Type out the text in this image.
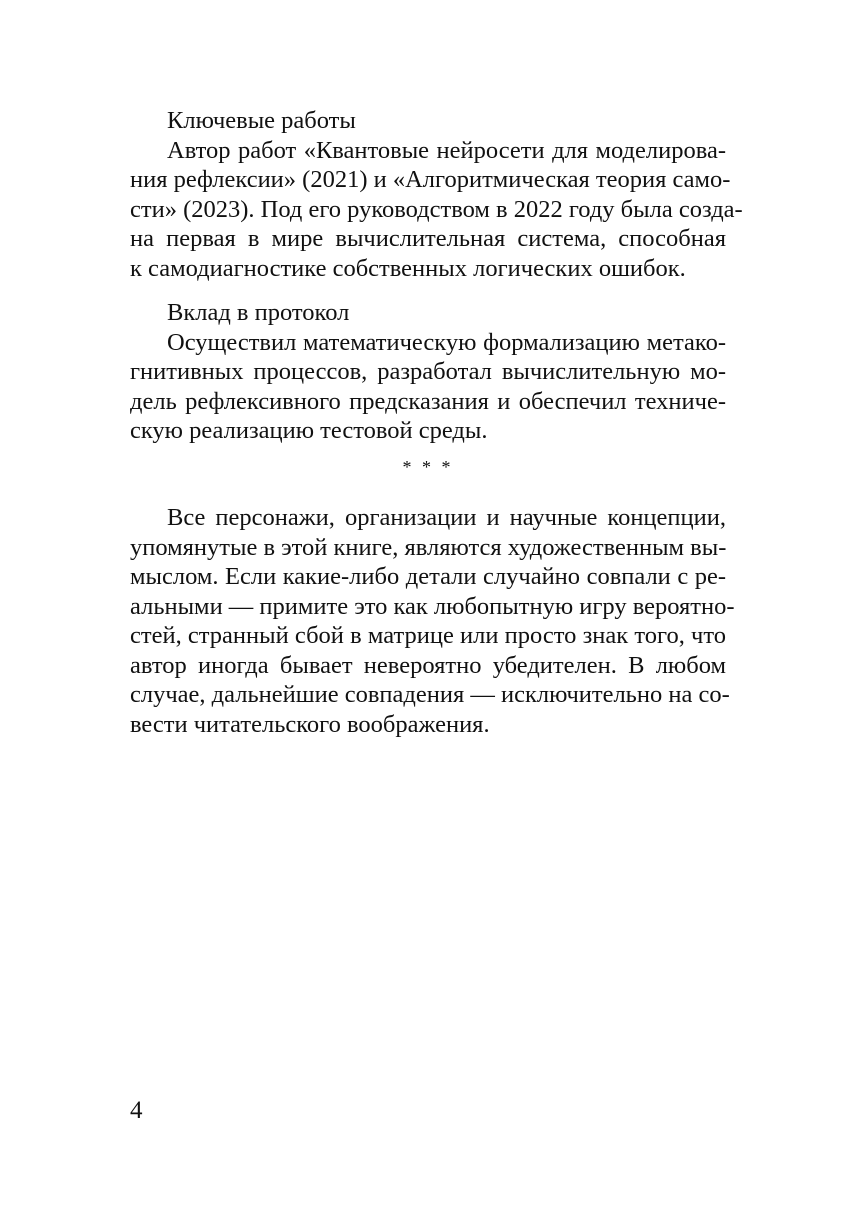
Ключевые работы
Автор работ «Квантовые нейросети для моделирова-
ния рефлексии» (2021) и «Алгоритмическая теория само-
сти» (2023). Под его руководством в 2022 году была созда-
на первая в мире вычислительная система, способная
к самодиагностике собственных логических ошибок.
Вклад в протокол
Осуществил математическую формализацию метако-
гнитивных процессов, разработал вычислительную мо-
дель рефлексивного предсказания и обеспечил техниче-
скую реализацию тестовой среды.
* * *
Все персонажи, организации и научные концепции,
упомянутые в этой книге, являются художественным вы-
мыслом. Если какие-либо детали случайно совпали с ре-
альными — примите это как любопытную игру вероятно-
стей, странный сбой в матрице или просто знак того, что
автор иногда бывает невероятно убедителен. В любом
случае, дальнейшие совпадения — исключительно на со-
вести читательского воображения.
4
